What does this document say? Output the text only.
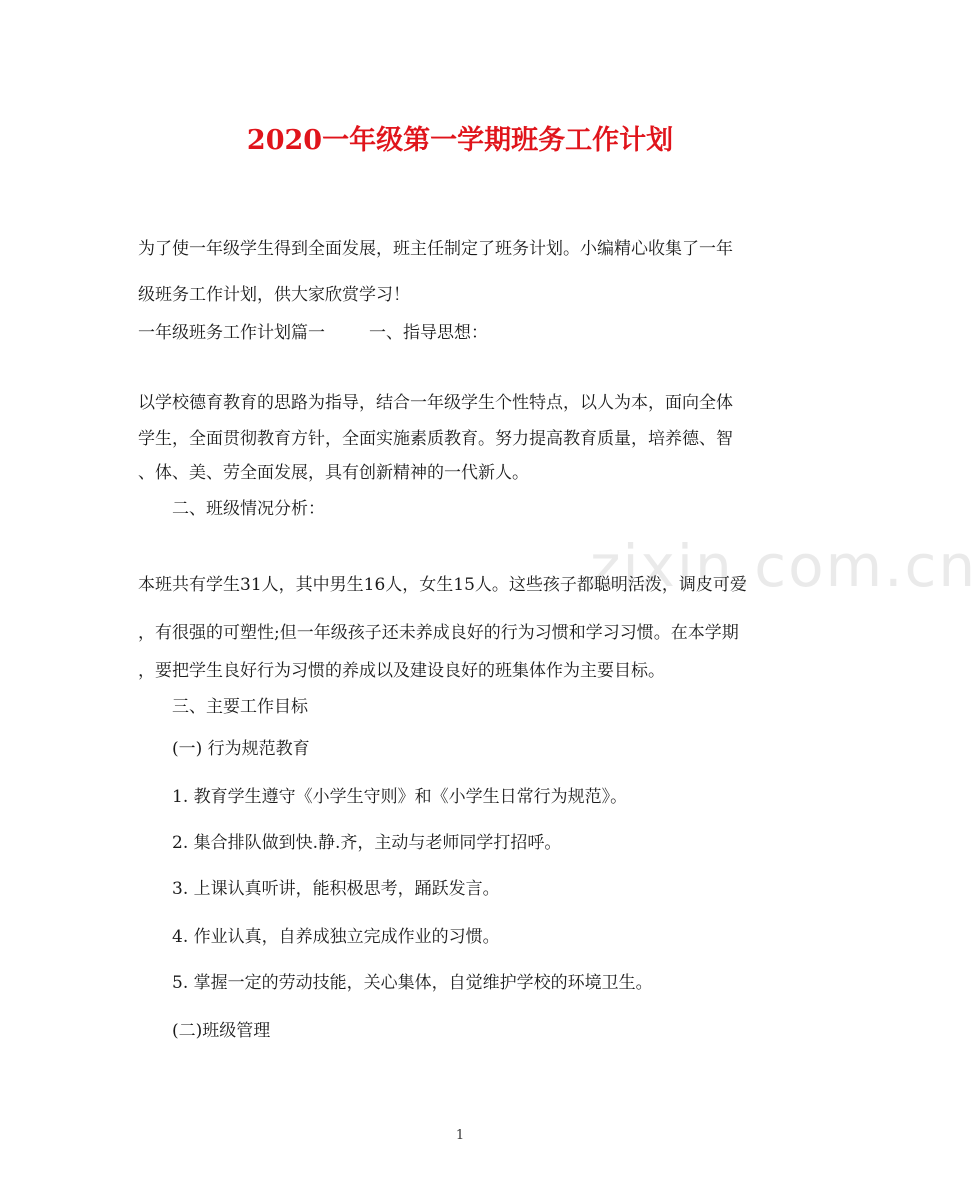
2020一年级第一学期班务工作计划
为了使一年级学生得到全面发展，班主任制定了班务计划。小编精心收集了一年
级班务工作计划，供大家欣赏学习！
一年级班务工作计划篇一	一、指导思想：
以学校德育教育的思路为指导，结合一年级学生个性特点，以人为本，面向全体
学生，全面贯彻教育方针，全面实施素质教育。努力提高教育质量，培养德、智
、体、美、劳全面发展，具有创新精神的一代新人。
二、班级情况分析：
zixin.com.cn
本班共有学生31人，其中男生16人，女生15人。这些孩子都聪明活泼，调皮可爱
，有很强的可塑性;但一年级孩子还未养成良好的行为习惯和学习习惯。在本学期
，要把学生良好行为习惯的养成以及建设良好的班集体作为主要目标。
三、主要工作目标
(一) 行为规范教育
1. 教育学生遵守《小学生守则》和《小学生日常行为规范》。
2. 集合排队做到快.静.齐，主动与老师同学打招呼。
3. 上课认真听讲，能积极思考，踊跃发言。
4. 作业认真，自养成独立完成作业的习惯。
5. 掌握一定的劳动技能，关心集体，自觉维护学校的环境卫生。
(二)班级管理
1
